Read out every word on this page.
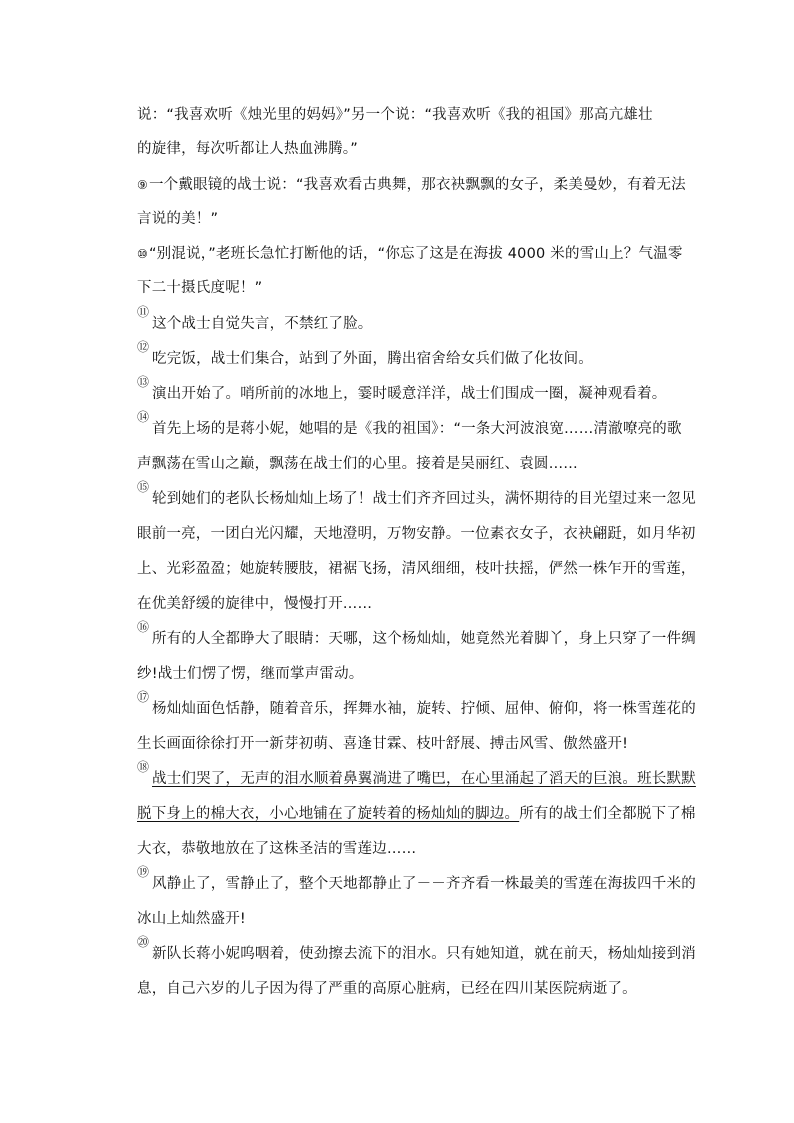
说：“我喜欢听《烛光里的妈妈》”另一个说：“我喜欢听《我的祖国》那高亢雄壮
的旋律，每次听都让人热血沸腾。”
⑨一个戴眼镜的战士说：“我喜欢看古典舞，那衣袂飘飘的女子，柔美曼妙，有着无法
言说的美！”
⑩“别混说，”老班长急忙打断他的话，“你忘了这是在海拔 4000 米的雪山上？气温零
下二十摄氏度呢！”
⑪
这个战士自觉失言，不禁红了脸。
⑫
吃完饭，战士们集合，站到了外面，腾出宿舍给女兵们做了化妆间。
⑬
演出开始了。哨所前的冰地上，霎时暖意洋洋，战士们围成一圈，凝神观看着。
⑭
首先上场的是蒋小妮，她唱的是《我的祖国》：“一条大河波浪宽……清澈嘹亮的歌
声飘荡在雪山之巅，飘荡在战士们的心里。接着是吴丽红、袁圆……
⑮
轮到她们的老队长杨灿灿上场了！战士们齐齐回过头，满怀期待的目光望过来一忽见
眼前一亮，一团白光闪耀，天地澄明，万物安静。一位素衣女子，衣袂翩跹，如月华初
上、光彩盈盈；她旋转腰肢，裙裾飞扬，清风细细，枝叶扶摇，俨然一株乍开的雪莲，
在优美舒缓的旋律中，慢慢打开……
⑯
所有的人全都睁大了眼睛：天哪，这个杨灿灿，她竟然光着脚丫，身上只穿了一件绸
纱!战士们愣了愣，继而掌声雷动。
⑰
杨灿灿面色恬静，随着音乐，挥舞水袖，旋转、拧倾、屈伸、俯仰，将一株雪莲花的
生长画面徐徐打开一新芽初萌、喜逢甘霖、枝叶舒展、搏击风雪、傲然盛开!
⑱
战士们哭了，无声的泪水顺着鼻翼淌进了嘴巴，在心里涌起了滔天的巨浪。班长默默
脱下身上的棉大衣，小心地铺在了旋转着的杨灿灿的脚边。所有的战士们全都脱下了棉
大衣，恭敬地放在了这株圣洁的雪莲边……
⑲
风静止了，雪静止了，整个天地都静止了－－齐齐看一株最美的雪莲在海拔四千米的
冰山上灿然盛开!
⑳
新队长蒋小妮呜咽着，使劲擦去流下的泪水。只有她知道，就在前天，杨灿灿接到消
息，自己六岁的儿子因为得了严重的高原心脏病，已经在四川某医院病逝了。
